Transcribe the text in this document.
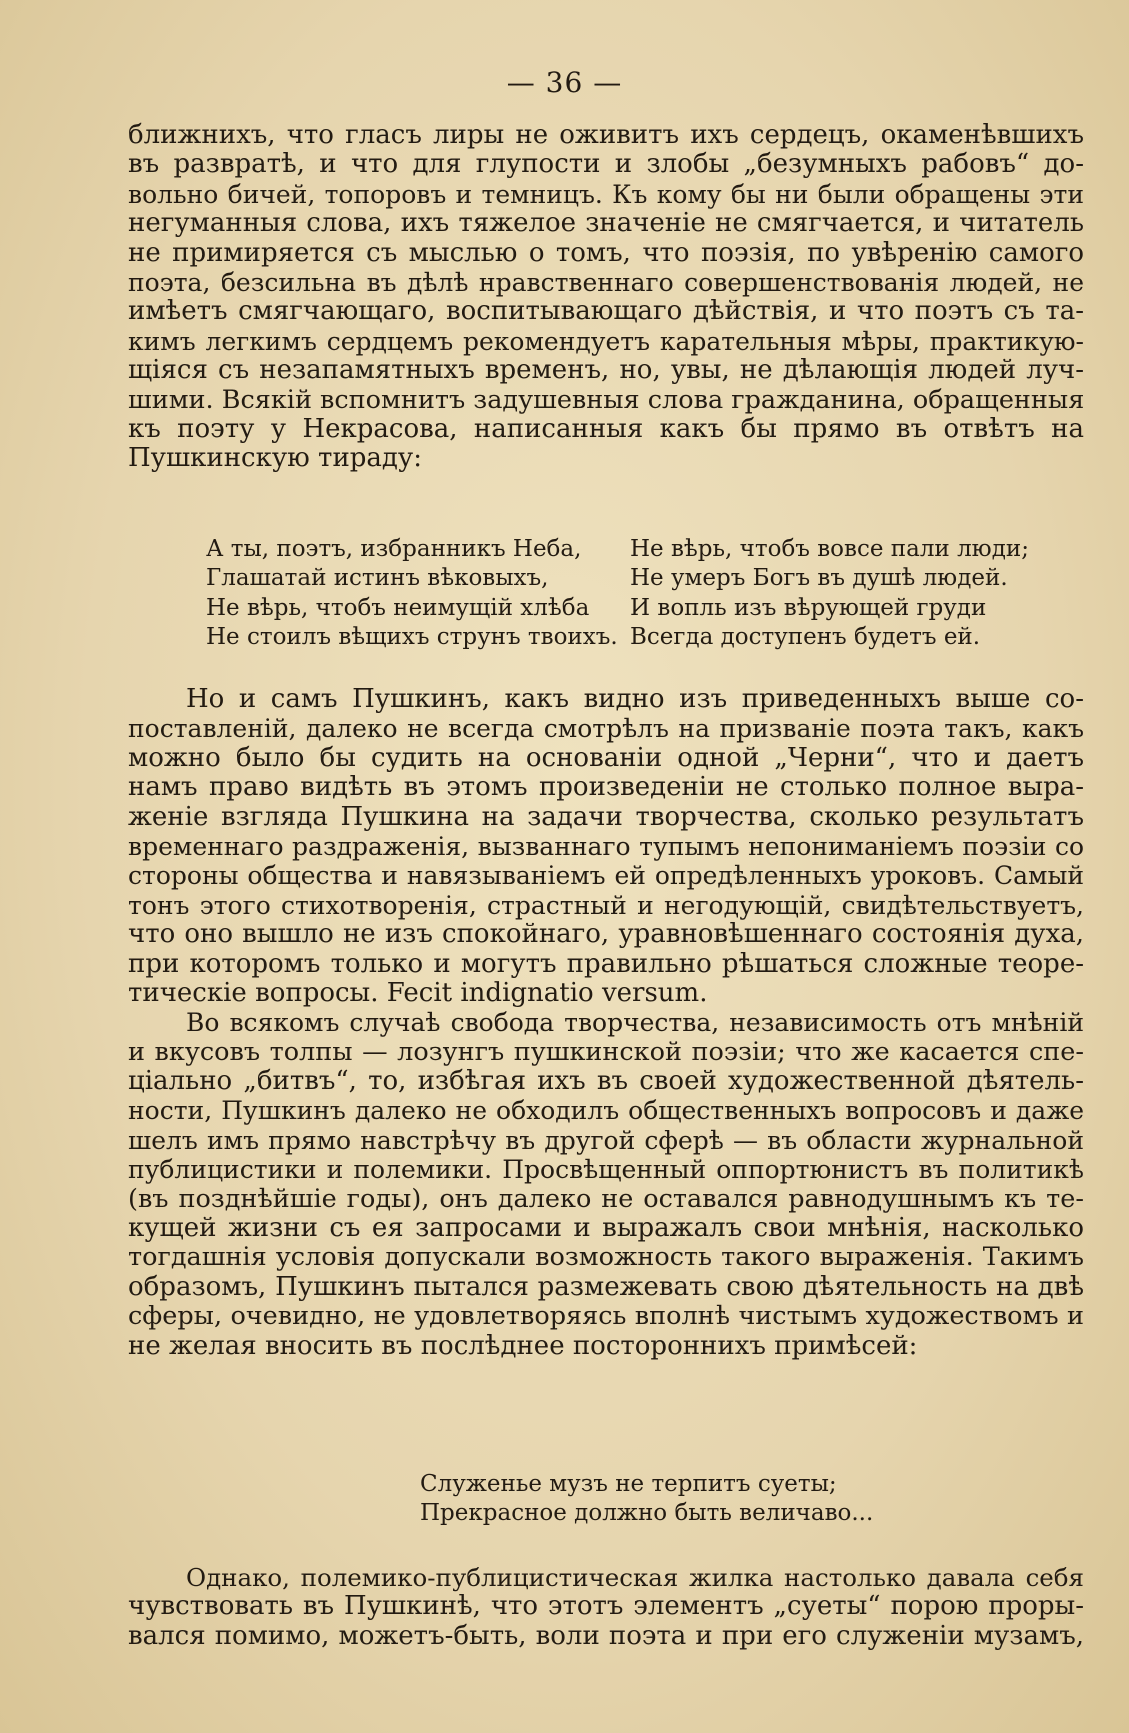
— 36 —
ближнихъ, что гласъ лиры не оживитъ ихъ сердецъ, окаменѣвшихъ
въ развратѣ, и что для глупости и злобы „безумныхъ рабовъ“ до-
вольно бичей, топоровъ и темницъ. Къ кому бы ни были обращены эти
негуманныя слова, ихъ тяжелое значеніе не смягчается, и читатель
не примиряется съ мыслью о томъ, что поэзія, по увѣренію самого
поэта, безсильна въ дѣлѣ нравственнаго совершенствованія людей, не
имѣетъ смягчающаго, воспитывающаго дѣйствія, и что поэтъ съ та-
кимъ легкимъ сердцемъ рекомендуетъ карательныя мѣры, практикую-
щіяся съ незапамятныхъ временъ, но, увы, не дѣлающія людей луч-
шими. Всякій вспомнитъ задушевныя слова гражданина, обращенныя
къ поэту у Некрасова, написанныя какъ бы прямо въ отвѣтъ на
Пушкинскую тираду:
А ты, поэтъ, избранникъ Неба,
Глашатай истинъ вѣковыхъ,
Не вѣрь, чтобъ неимущій хлѣба
Не стоилъ вѣщихъ струнъ твоихъ.
Не вѣрь, чтобъ вовсе пали люди;
Не умеръ Богъ въ душѣ людей.
И вопль изъ вѣрующей груди
Всегда доступенъ будетъ ей.
Но и самъ Пушкинъ, какъ видно изъ приведенныхъ выше со-
поставленій, далеко не всегда смотрѣлъ на призваніе поэта такъ, какъ
можно было бы судить на основаніи одной „Черни“, что и даетъ
намъ право видѣть въ этомъ произведеніи не столько полное выра-
женіе взгляда Пушкина на задачи творчества, сколько результатъ
временнаго раздраженія, вызваннаго тупымъ непониманіемъ поэзіи со
стороны общества и навязываніемъ ей опредѣленныхъ уроковъ. Самый
тонъ этого стихотворенія, страстный и негодующій, свидѣтельствуетъ,
что оно вышло не изъ спокойнаго, уравновѣшеннаго состоянія духа,
при которомъ только и могутъ правильно рѣшаться сложные теоре-
тическіе вопросы. Fecit indignatio versum.
Во всякомъ случаѣ свобода творчества, независимость отъ мнѣній
и вкусовъ толпы — лозунгъ пушкинской поэзіи; что же касается спе-
ціально „битвъ“, то, избѣгая ихъ въ своей художественной дѣятель-
ности, Пушкинъ далеко не обходилъ общественныхъ вопросовъ и даже
шелъ имъ прямо навстрѣчу въ другой сферѣ — въ области журнальной
публицистики и полемики. Просвѣщенный оппортюнистъ въ политикѣ
(въ позднѣйшіе годы), онъ далеко не оставался равнодушнымъ къ те-
кущей жизни съ ея запросами и выражалъ свои мнѣнія, насколько
тогдашнія условія допускали возможность такого выраженія. Такимъ
образомъ, Пушкинъ пытался размежевать свою дѣятельность на двѣ
сферы, очевидно, не удовлетворяясь вполнѣ чистымъ художествомъ и
не желая вносить въ послѣднее постороннихъ примѣсей:
Служенье музъ не терпитъ суеты;
Прекрасное должно быть величаво...
Однако, полемико-публицистическая жилка настолько давала себя
чувствовать въ Пушкинѣ, что этотъ элементъ „суеты“ порою проры-
вался помимо, можетъ-быть, воли поэта и при его служеніи музамъ,
